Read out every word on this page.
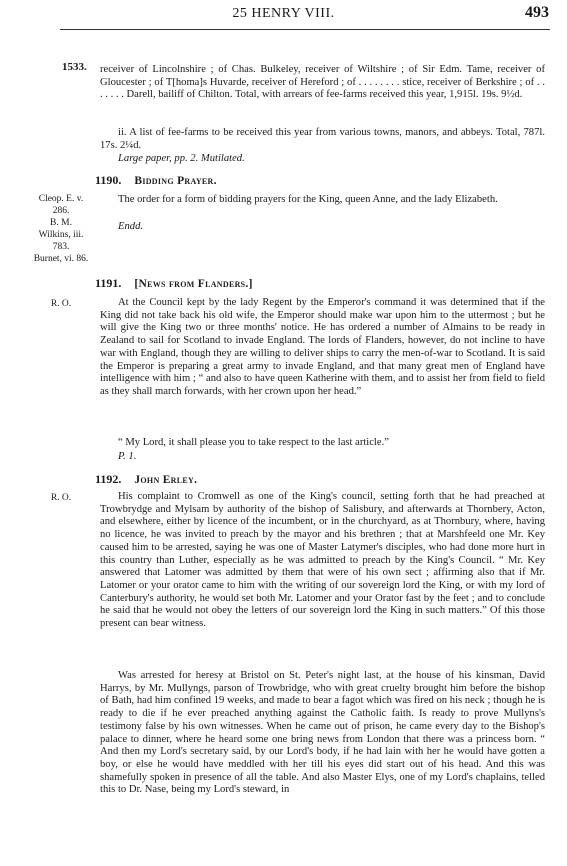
25 HENRY VIII.	493
1533. receiver of Lincolnshire ; of Chas. Bulkeley, receiver of Wiltshire ; of Sir Edm. Tame, receiver of Gloucester ; of T[homa]s Huvarde, receiver of Hereford ; of . . . . . . . . stice, receiver of Berkshire ; of . . . . . . . Darell, bailiff of Chilton. Total, with arrears of fee-farms received this year, 1,915l. 19s. 9½d.

ii. A list of fee-farms to be received this year from various towns, manors, and abbeys. Total, 787l. 17s. 2¼d.

Large paper, pp. 2. Mutilated.
1190. Bidding Prayer.
Cleop. E. v.
286.
B. M.
Wilkins, iii.
783.
Burnet, vi. 86.

The order for a form of bidding prayers for the King, queen Anne, and the lady Elizabeth.

Endd.
1191. [News from Flanders.]
R. O.	At the Council kept by the lady Regent by the Emperor's command it was determined that if the King did not take back his old wife, the Emperor should make war upon him to the uttermost ; but he will give the King two or three months' notice. He has ordered a number of Almains to be ready in Zealand to sail for Scotland to invade England. The lords of Flanders, however, do not incline to have war with England, though they are willing to deliver ships to carry the men-of-war to Scotland. It is said the Emperor is preparing a great army to invade England, and that many great men of England have intelligence with him ; “ and also to have queen Katherine with them, and to assist her from field to field as they shall march forwards, with her crown upon her head.”

“ My Lord, it shall please you to take respect to the last article.”

P. 1.
1192. John Erley.
R. O.	His complaint to Cromwell as one of the King's council, setting forth that he had preached at Trowbrydge and Mylsam by authority of the bishop of Salisbury, and afterwards at Thornbery, Acton, and elsewhere, either by licence of the incumbent, or in the churchyard, as at Thornbury, where, having no licence, he was invited to preach by the mayor and his brethren ; that at Marshfeeld one Mr. Key caused him to be arrested, saying he was one of Master Latymer's disciples, who had done more hurt in this country than Luther, especially as he was admitted to preach by the King's Council. “ Mr. Key answered that Latomer was admitted by them that were of his own sect ; affirming also that if Mr. Latomer or your orator came to him with the writing of our sovereign lord the King, or with my lord of Canterbury's authority, he would set both Mr. Latomer and your Orator fast by the feet ; and to conclude he said that he would not obey the letters of our sovereign lord the King in such matters.” Of this those present can bear witness.

Was arrested for heresy at Bristol on St. Peter's night last, at the house of his kinsman, David Harrys, by Mr. Mullyngs, parson of Trowbridge, who with great cruelty brought him before the bishop of Bath, had him confined 19 weeks, and made to bear a fagot which was fired on his neck ; though he is ready to die if he ever preached anything against the Catholic faith. Is ready to prove Mullyns's testimony false by his own witnesses. When he came out of prison, he came every day to the Bishop's palace to dinner, where he heard some one bring news from London that there was a princess born. “ And then my Lord's secretary said, by our Lord's body, if he had lain with her he would have gotten a boy, or else he would have meddled with her till his eyes did start out of his head. And this was shamefully spoken in presence of all the table. And also Master Elys, one of my Lord's chaplains, telled this to Dr. Nase, being my Lord's steward, in
